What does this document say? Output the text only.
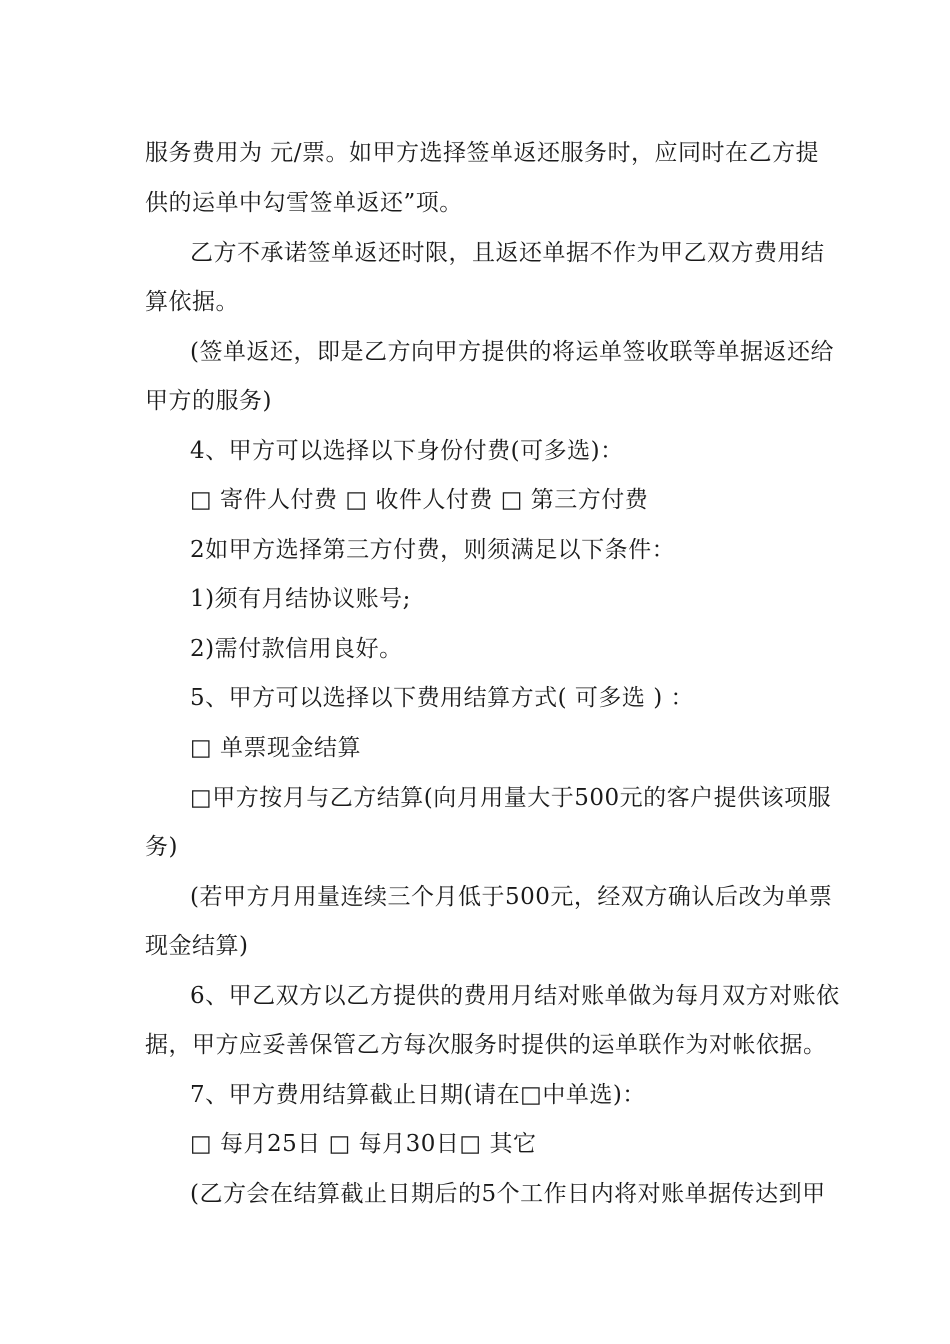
服务费用为 元/票。如甲方选择签单返还服务时，应同时在乙方提
供的运单中勾雪签单返还”项。
乙方不承诺签单返还时限，且返还单据不作为甲乙双方费用结
算依据。
(签单返还，即是乙方向甲方提供的将运单签收联等单据返还给
甲方的服务)
4、甲方可以选择以下身份付费(可多选)：
□ 寄件人付费 □ 收件人付费 □ 第三方付费
2如甲方选择第三方付费，则须满足以下条件：
1)须有月结协议账号;
2)需付款信用良好。
5、甲方可以选择以下费用结算方式( 可多选 ) ：
□ 单票现金结算
□甲方按月与乙方结算(向月用量大于500元的客户提供该项服
务)
(若甲方月用量连续三个月低于500元，经双方确认后改为单票
现金结算)
6、甲乙双方以乙方提供的费用月结对账单做为每月双方对账依
据，甲方应妥善保管乙方每次服务时提供的运单联作为对帐依据。
7、甲方费用结算截止日期(请在□中单选)：
□ 每月25日 □ 每月30日□ 其它
(乙方会在结算截止日期后的5个工作日内将对账单据传达到甲
